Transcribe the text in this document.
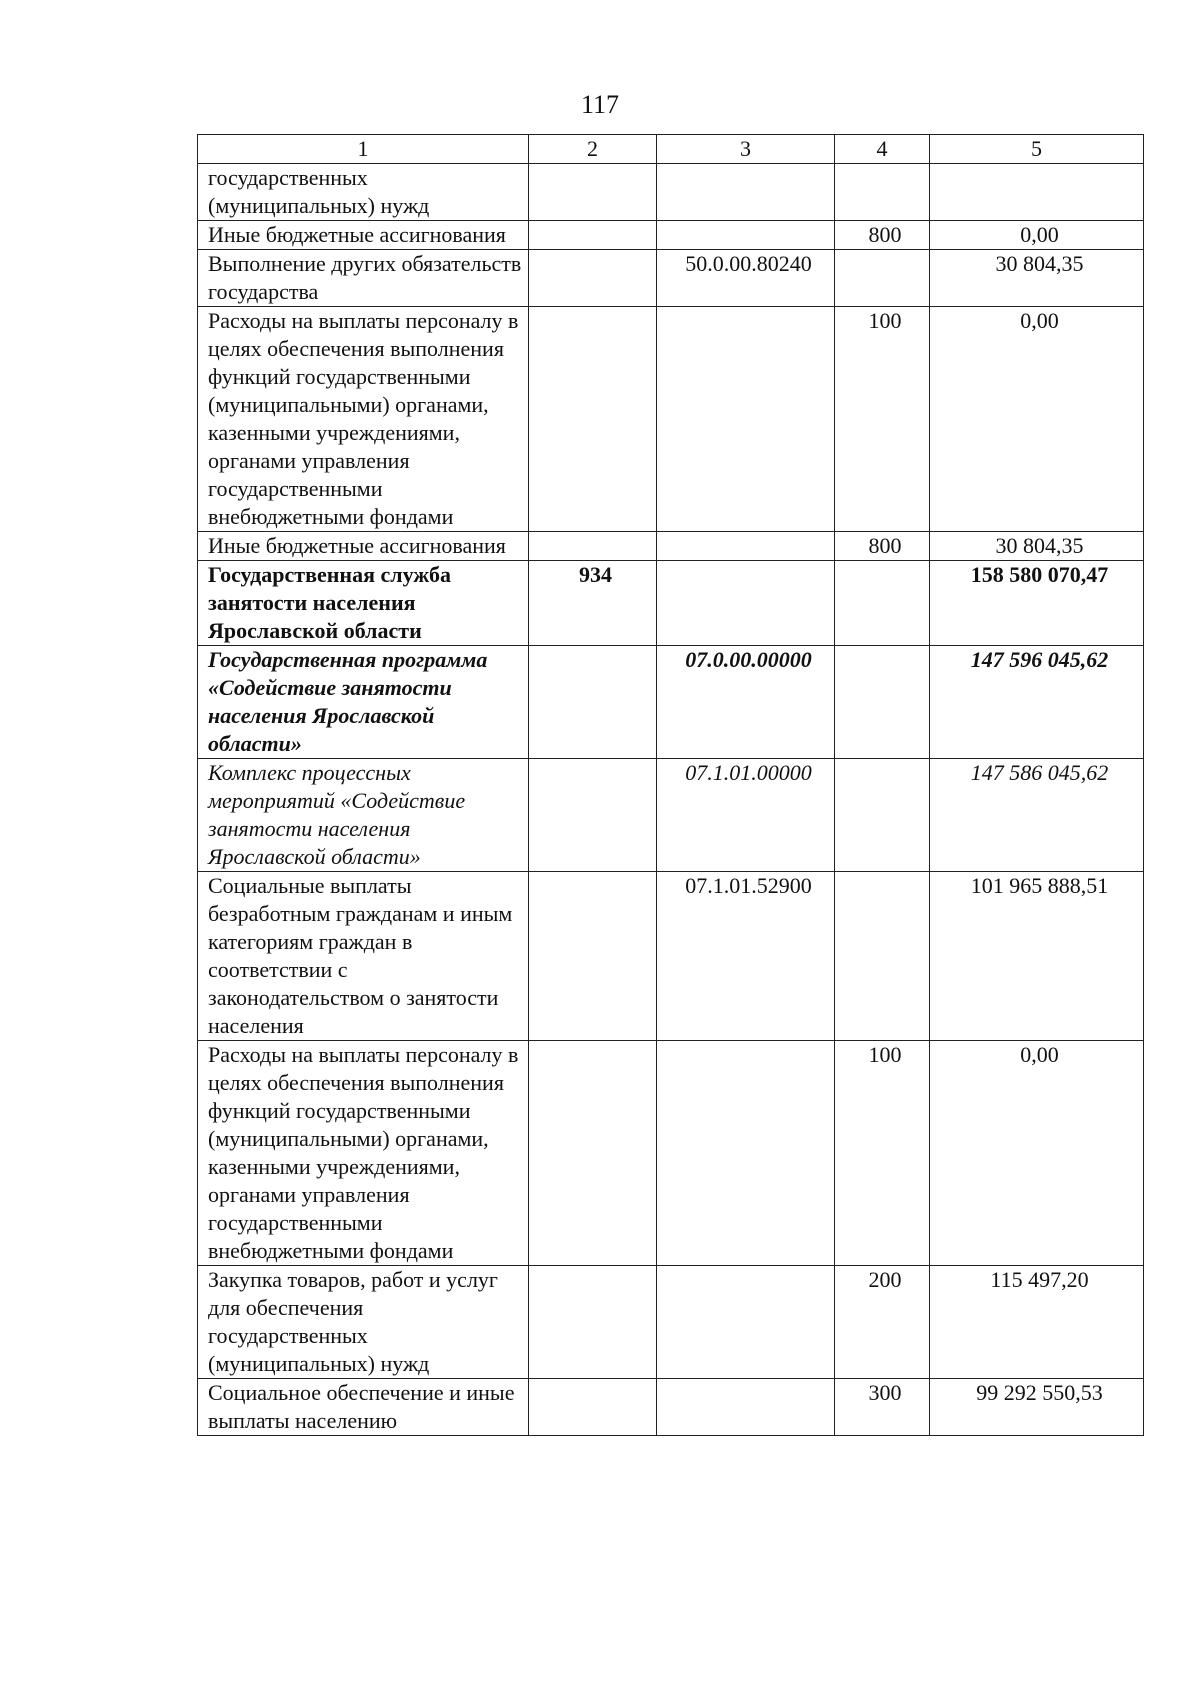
117
1	2	3	4	5
государственных (муниципальных) нужд				
Иные бюджетные ассигнования			800	0,00
Выполнение других обязательств государства		50.0.00.80240		30 804,35
Расходы на выплаты персоналу в целях обеспечения выполнения функций государственными (муниципальными) органами, казенными учреждениями, органами управления государственными внебюджетными фондами			100	0,00
Иные бюджетные ассигнования			800	30 804,35
Государственная служба занятости населения Ярославской области	934			158 580 070,47
Государственная программа «Содействие занятости населения Ярославской области»		07.0.00.00000		147 596 045,62
Комплекс процессных мероприятий «Содействие занятости населения Ярославской области»		07.1.01.00000		147 586 045,62
Социальные выплаты безработным гражданам и иным категориям граждан в соответствии с законодательством о занятости населения		07.1.01.52900		101 965 888,51
Расходы на выплаты персоналу в целях обеспечения выполнения функций государственными (муниципальными) органами, казенными учреждениями, органами управления государственными внебюджетными фондами			100	0,00
Закупка товаров, работ и услуг для обеспечения государственных (муниципальных) нужд			200	115 497,20
Социальное обеспечение и иные выплаты населению			300	99 292 550,53
